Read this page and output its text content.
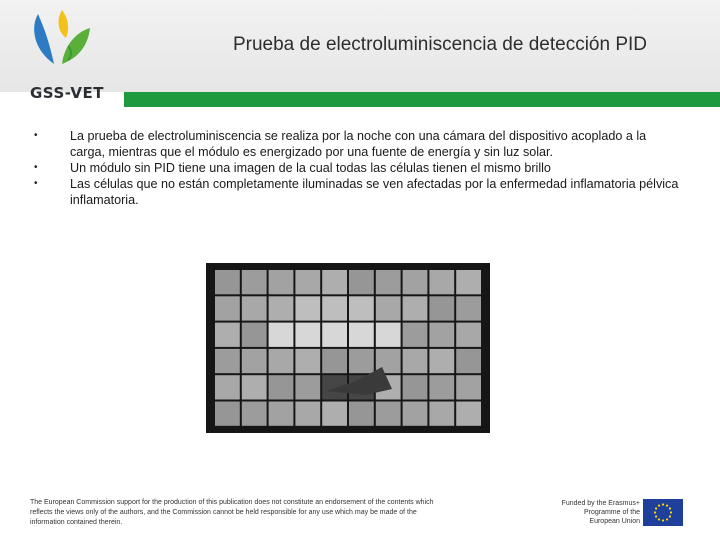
GSS-VET
Prueba de electroluminiscencia de detección PID
•	La prueba de electroluminiscencia se realiza por la noche con una cámara del dispositivo acoplado a la carga, mientras que el módulo es energizado por una fuente de energía y sin luz solar.
•	Un módulo sin PID tiene una imagen de la cual todas las células tienen el mismo brillo
•	Las células que no están completamente iluminadas se ven afectadas por la enfermedad inflamatoria pélvica inflamatoria.
The European Commission support for the production of this publication does not constitute an endorsement of the contents which reflects the views only of the authors, and the Commission cannot be held responsible for any use which may be made of the information contained therein.
Funded by the Erasmus+ Programme of the European Union
